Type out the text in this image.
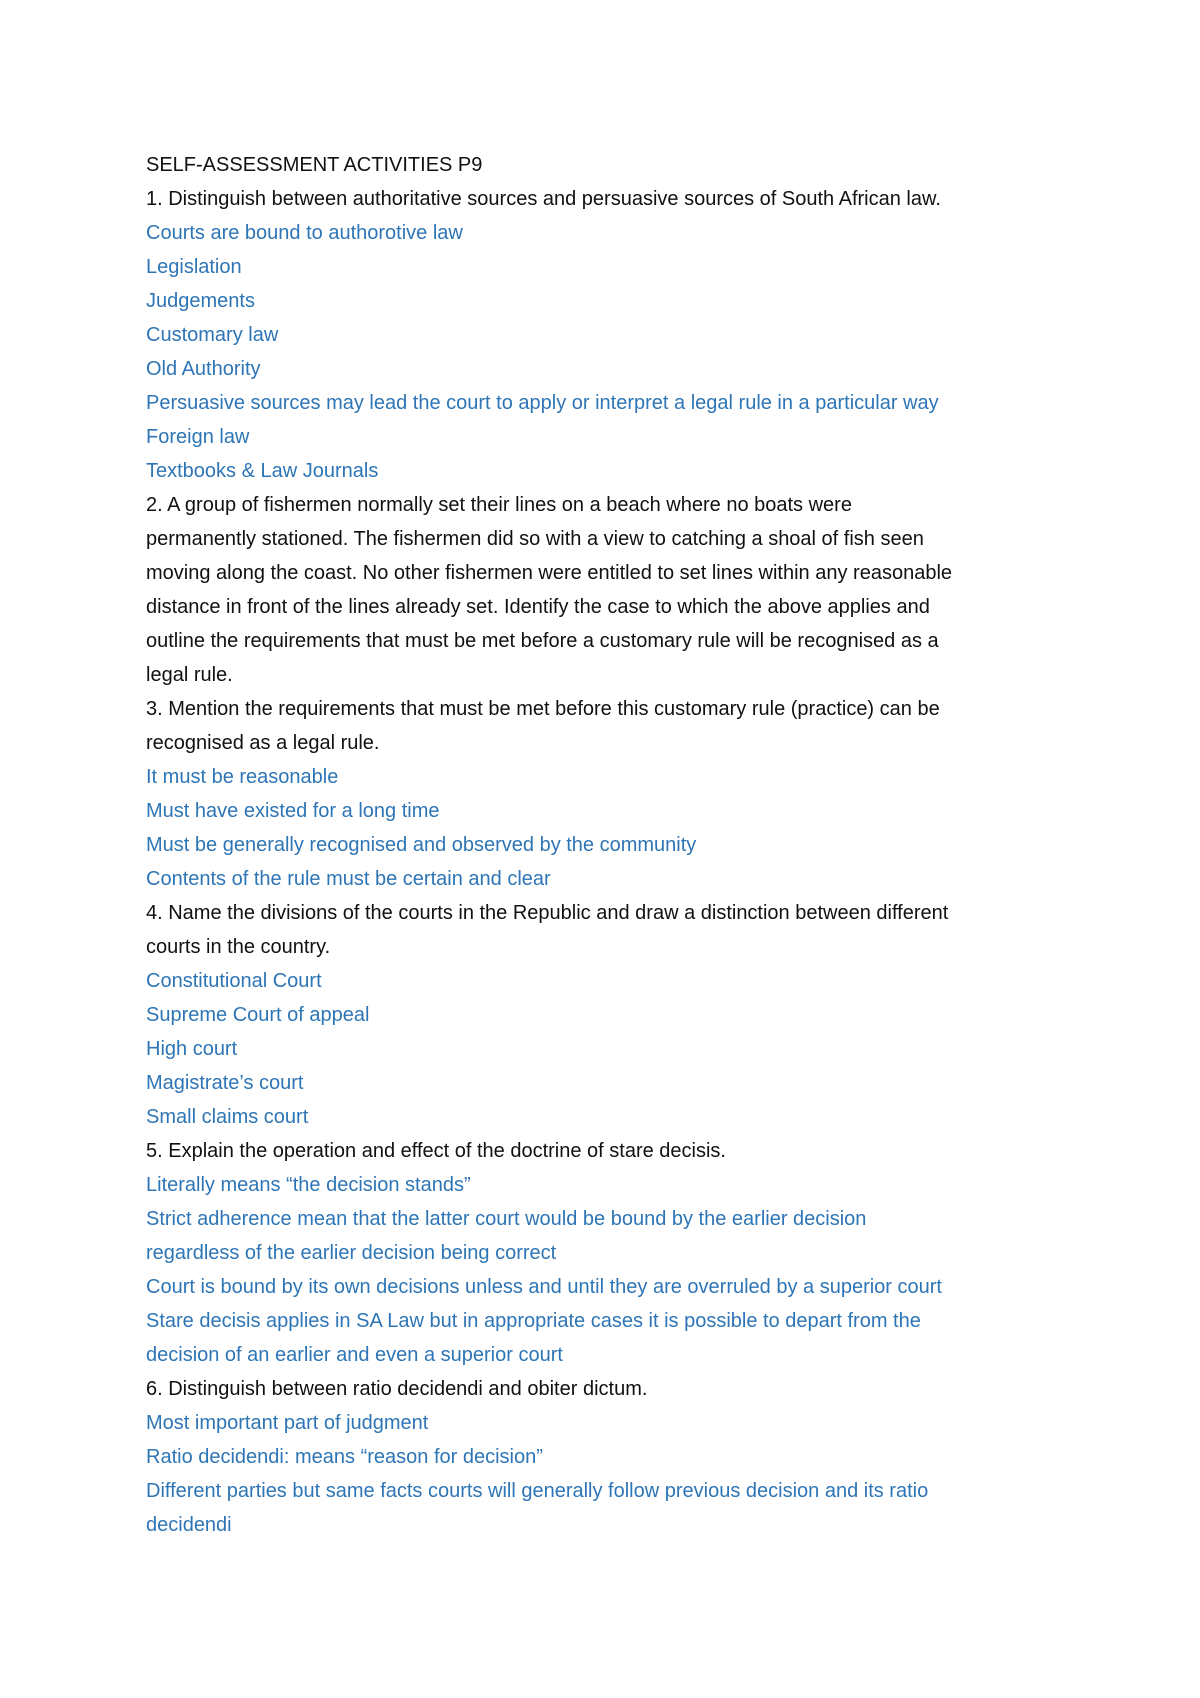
SELF-ASSESSMENT ACTIVITIES P9
1. Distinguish between authoritative sources and persuasive sources of South African law.
Courts are bound to authorotive law
Legislation
Judgements
Customary law
Old Authority
Persuasive sources may lead the court to apply or interpret a legal rule in a particular way
Foreign law
Textbooks & Law Journals
2. A group of fishermen normally set their lines on a beach where no boats were
permanently stationed. The fishermen did so with a view to catching a shoal of fish seen
moving along the coast. No other fishermen were entitled to set lines within any reasonable
distance in front of the lines already set. Identify the case to which the above applies and
outline the requirements that must be met before a customary rule will be recognised as a
legal rule.
3. Mention the requirements that must be met before this customary rule (practice) can be
recognised as a legal rule.
It must be reasonable
Must have existed for a long time
Must be generally recognised and observed by the community
Contents of the rule must be certain and clear
4. Name the divisions of the courts in the Republic and draw a distinction between different
courts in the country.
Constitutional Court
Supreme Court of appeal
High court
Magistrate’s court
Small claims court
5. Explain the operation and effect of the doctrine of stare decisis.
Literally means “the decision stands”
Strict adherence mean that the latter court would be bound by the earlier decision
regardless of the earlier decision being correct
Court is bound by its own decisions unless and until they are overruled by a superior court
Stare decisis applies in SA Law but in appropriate cases it is possible to depart from the
decision of an earlier and even a superior court
6. Distinguish between ratio decidendi and obiter dictum.
Most important part of judgment
Ratio decidendi: means “reason for decision”
Different parties but same facts courts will generally follow previous decision and its ratio
decidendi
